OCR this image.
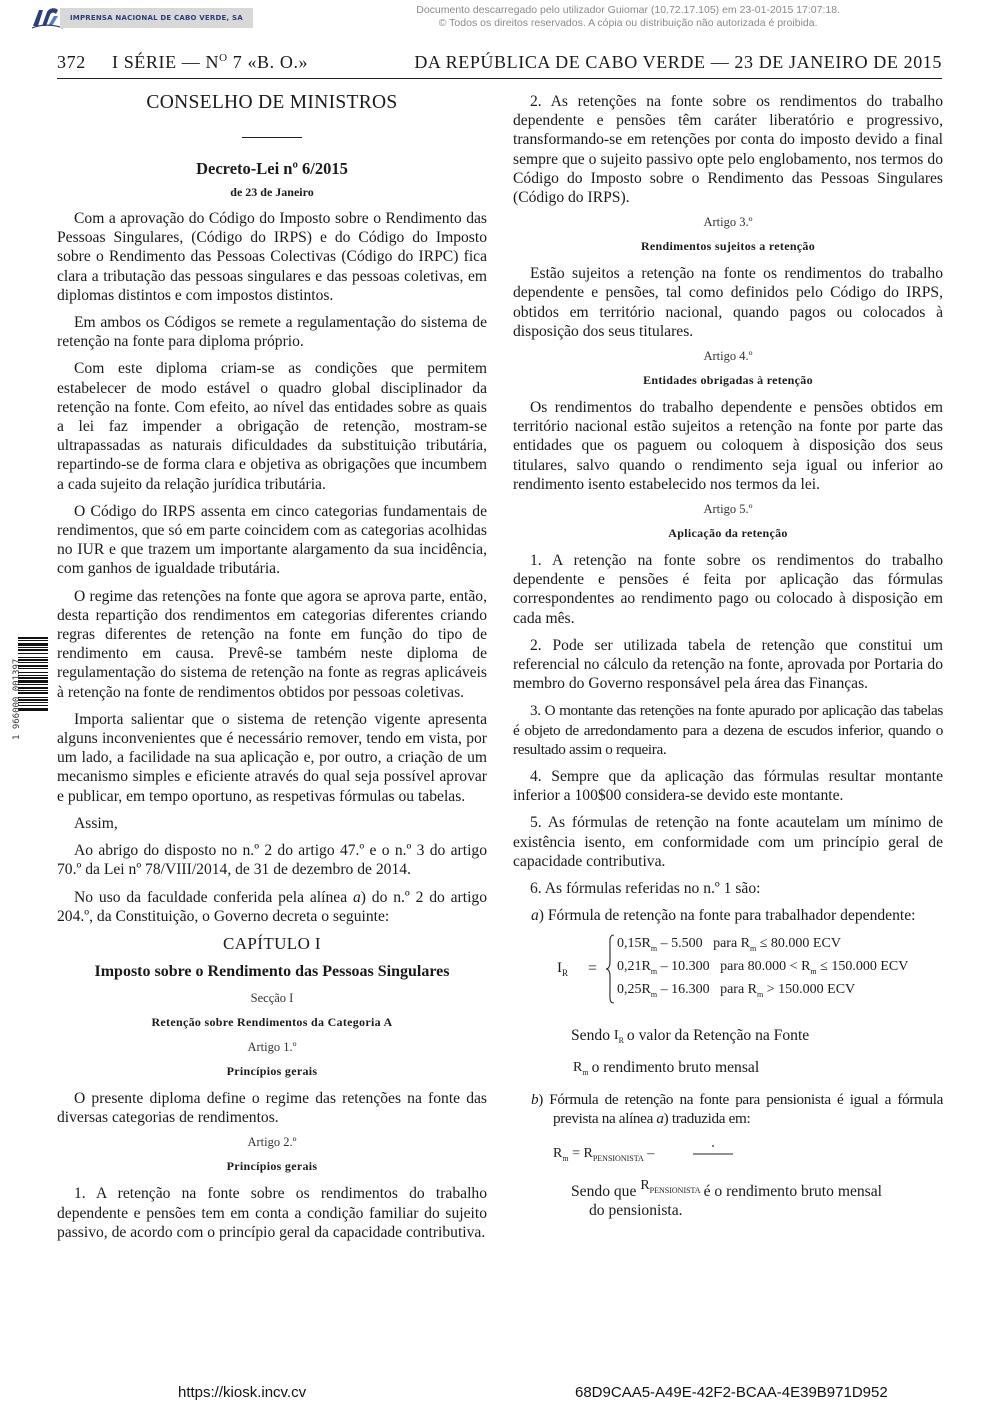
IMPRENSA NACIONAL DE CABO VERDE, SA
Documento descarregado pelo utilizador Guiomar (10.72.17.105) em 23-01-2015 17:07:18.
© Todos os direitos reservados. A cópia ou distribuição não autorizada é proibida.
372 I SÉRIE — $N^O$ 7 «B. O.»	DA REPÚBLICA DE CABO VERDE — 23 DE JANEIRO DE 2015
CONSELHO DE MINISTROS
Decreto-Lei nº 6/2015
de 23 de Janeiro

Com a aprovação do Código do Imposto sobre o Rendimento das Pessoas Singulares, (Código do IRPS) e do Código do Imposto sobre o Rendimento das Pessoas Colectivas (Código do IRPC) fica clara a tributação das pessoas singulares e das pessoas coletivas, em diplomas distintos e com impostos distintos.

Em ambos os Códigos se remete a regulamentação do sistema de retenção na fonte para diploma próprio.

Com este diploma criam-se as condições que permitem estabelecer de modo estável o quadro global disciplinador da retenção na fonte. Com efeito, ao nível das entidades sobre as quais a lei faz impender a obrigação de retenção, mostram-se ultrapassadas as naturais dificuldades da substituição tributária, repartindo-se de forma clara e objetiva as obrigações que incumbem a cada sujeito da relação jurídica tributária.

O Código do IRPS assenta em cinco categorias fundamentais de rendimentos, que só em parte coincidem com as categorias acolhidas no IUR e que trazem um importante alargamento da sua incidência, com ganhos de igualdade tributária.

O regime das retenções na fonte que agora se aprova parte, então, desta repartição dos rendimentos em categorias diferentes criando regras diferentes de retenção na fonte em função do tipo de rendimento em causa. Prevê-se também neste diploma de regulamentação do sistema de retenção na fonte as regras aplicáveis à retenção na fonte de rendimentos obtidos por pessoas coletivas.

Importa salientar que o sistema de retenção vigente apresenta alguns inconvenientes que é necessário remover, tendo em vista, por um lado, a facilidade na sua aplicação e, por outro, a criação de um mecanismo simples e eficiente através do qual seja possível aprovar e publicar, em tempo oportuno, as respetivas fórmulas ou tabelas.

Assim,

Ao abrigo do disposto no n.º 2 do artigo 47.º e o n.º 3 do artigo 70.º da Lei nº 78/VIII/2014, de 31 de dezembro de 2014.

No uso da faculdade conferida pela alínea a) do n.º 2 do artigo 204.º, da Constituição, o Governo decreta o seguinte:

CAPÍTULO I
Imposto sobre o Rendimento das Pessoas Singulares
Secção I
Retenção sobre Rendimentos da Categoria A
Artigo 1.º
Princípios gerais

O presente diploma define o regime das retenções na fonte das diversas categorias de rendimentos.

Artigo 2.º
Princípios gerais

1. A retenção na fonte sobre os rendimentos do trabalho dependente e pensões tem em conta a condição familiar do sujeito passivo, de acordo com o princípio geral da capacidade contributiva.

2. As retenções na fonte sobre os rendimentos do trabalho dependente e pensões têm caráter liberatório e progressivo, transformando-se em retenções por conta do imposto devido a final sempre que o sujeito passivo opte pelo englobamento, nos termos do Código do Imposto sobre o Rendimento das Pessoas Singulares (Código do IRPS).

Artigo 3.º
Rendimentos sujeitos a retenção

Estão sujeitos a retenção na fonte os rendimentos do trabalho dependente e pensões, tal como definidos pelo Código do IRPS, obtidos em território nacional, quando pagos ou colocados à disposição dos seus titulares.

Artigo 4.º
Entidades obrigadas à retenção

Os rendimentos do trabalho dependente e pensões obtidos em território nacional estão sujeitos a retenção na fonte por parte das entidades que os paguem ou coloquem à disposição dos seus titulares, salvo quando o rendimento seja igual ou inferior ao rendimento isento estabelecido nos termos da lei.

Artigo 5.º
Aplicação da retenção

1. A retenção na fonte sobre os rendimentos do trabalho dependente e pensões é feita por aplicação das fórmulas correspondentes ao rendimento pago ou colocado à disposição em cada mês.

2. Pode ser utilizada tabela de retenção que constitui um referencial no cálculo da retenção na fonte, aprovada por Portaria do membro do Governo responsável pela área das Finanças.

3. O montante das retenções na fonte apurado por aplicação das tabelas é objeto de arredondamento para a dezena de escudos inferior, quando o resultado assim o requeira.

4. Sempre que da aplicação das fórmulas resultar montante inferior a 100$00 considera-se devido este montante.

5. As fórmulas de retenção na fonte acautelam um mínimo de existência isento, em conformidade com um princípio geral de capacidade contributiva.

6. As fórmulas referidas no n.º 1 são:

a) Fórmula de retenção na fonte para trabalhador dependente:

$I_R$ =
$0,15R_m - 5.500$   para $R_m \le 80.000$ ECV
$0,21R_m - 10.300$   para $80.000 < R_m \le 150.000$ ECV
$0,25R_m - 16.300$   para $R_m > 150.000$ ECV

Sendo
$I_R$ o valor da Retenção na Fonte

$R_m$ o rendimento bruto mensal

b) Fórmula de retenção na fonte para pensionista é igual a fórmula prevista na alínea a) traduzida em:

$R_m = R_{PENSIONISTA}$ –

Sendo que
$R_{PENSIONISTA}$ é o rendimento bruto mensal
do pensionista.

1 966000 001397
https://kiosk.incv.cv	68D9CAA5-A49E-42F2-BCAA-4E39B971D952
